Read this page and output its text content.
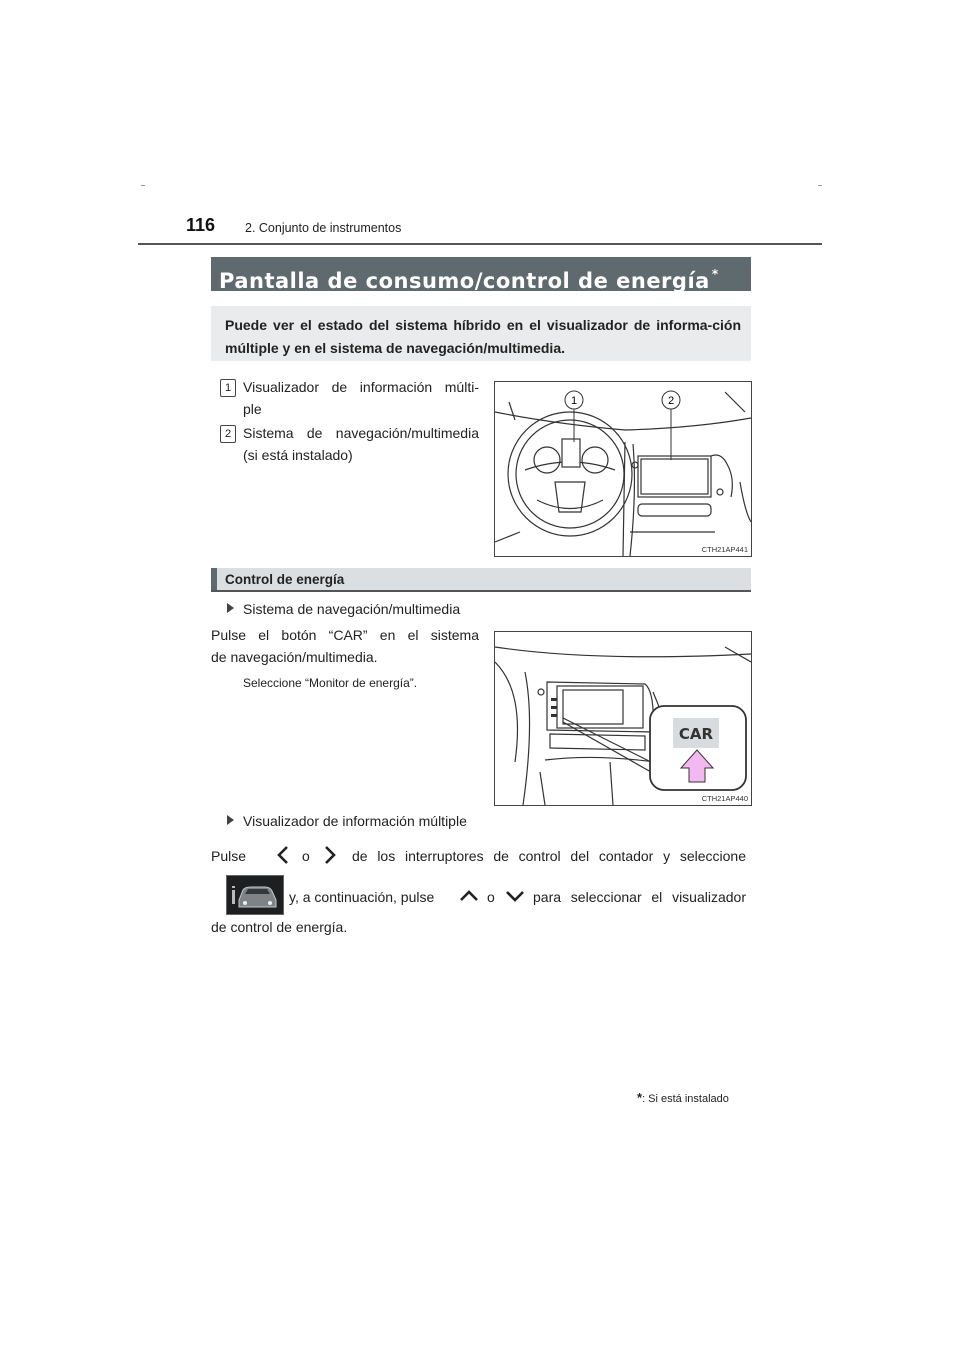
116 2. Conjunto de instrumentos
Pantalla de consumo/control de energía *
Puede ver el estado del sistema híbrido en el visualizador de informa-ción múltiple y en el sistema de navegación/multimedia.
1 Visualizador de información múlti-
ple
2 Sistema de navegación/multimedia
(si está instalado)
1	2
CTH21AP441
Control de energía
Sistema de navegación/multimedia
Pulse el botón “CAR” en el sistema
de navegación/multimedia.
Seleccione “Monitor de energía”.
CAR
CTH21AP440
Visualizador de información múltiple
Pulse	o	de los interruptores de control del contador y seleccione
y, a continuación, pulse	o	para seleccionar el visualizador
de control de energía.
*: Si está instalado
